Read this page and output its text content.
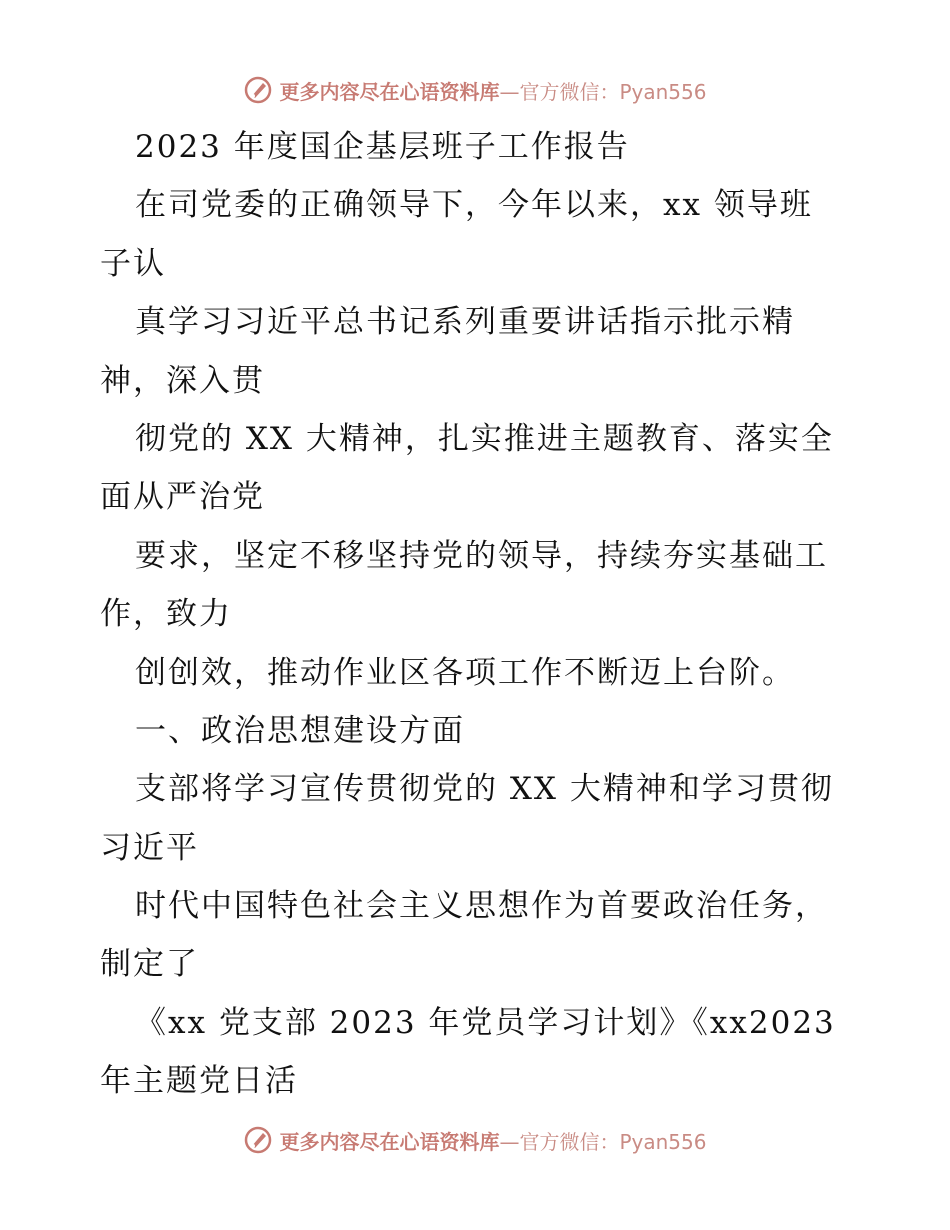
更多内容尽在心语资料库—官方微信：Pyan556
2023 年度国企基层班子工作报告
在司党委的正确领导下，今年以来，xx 领导班
子认
真学习习近平总书记系列重要讲话指示批示精
神，深入贯
彻党的 XX 大精神，扎实推进主题教育、落实全
面从严治党
要求，坚定不移坚持党的领导，持续夯实基础工
作，致力
创创效，推动作业区各项工作不断迈上台阶。
一、政治思想建设方面
支部将学习宣传贯彻党的 XX 大精神和学习贯彻
习近平
时代中国特色社会主义思想作为首要政治任务，
制定了
《xx 党支部 2023 年党员学习计划》《xx2023
年主题党日活
更多内容尽在心语资料库—官方微信：Pyan556
